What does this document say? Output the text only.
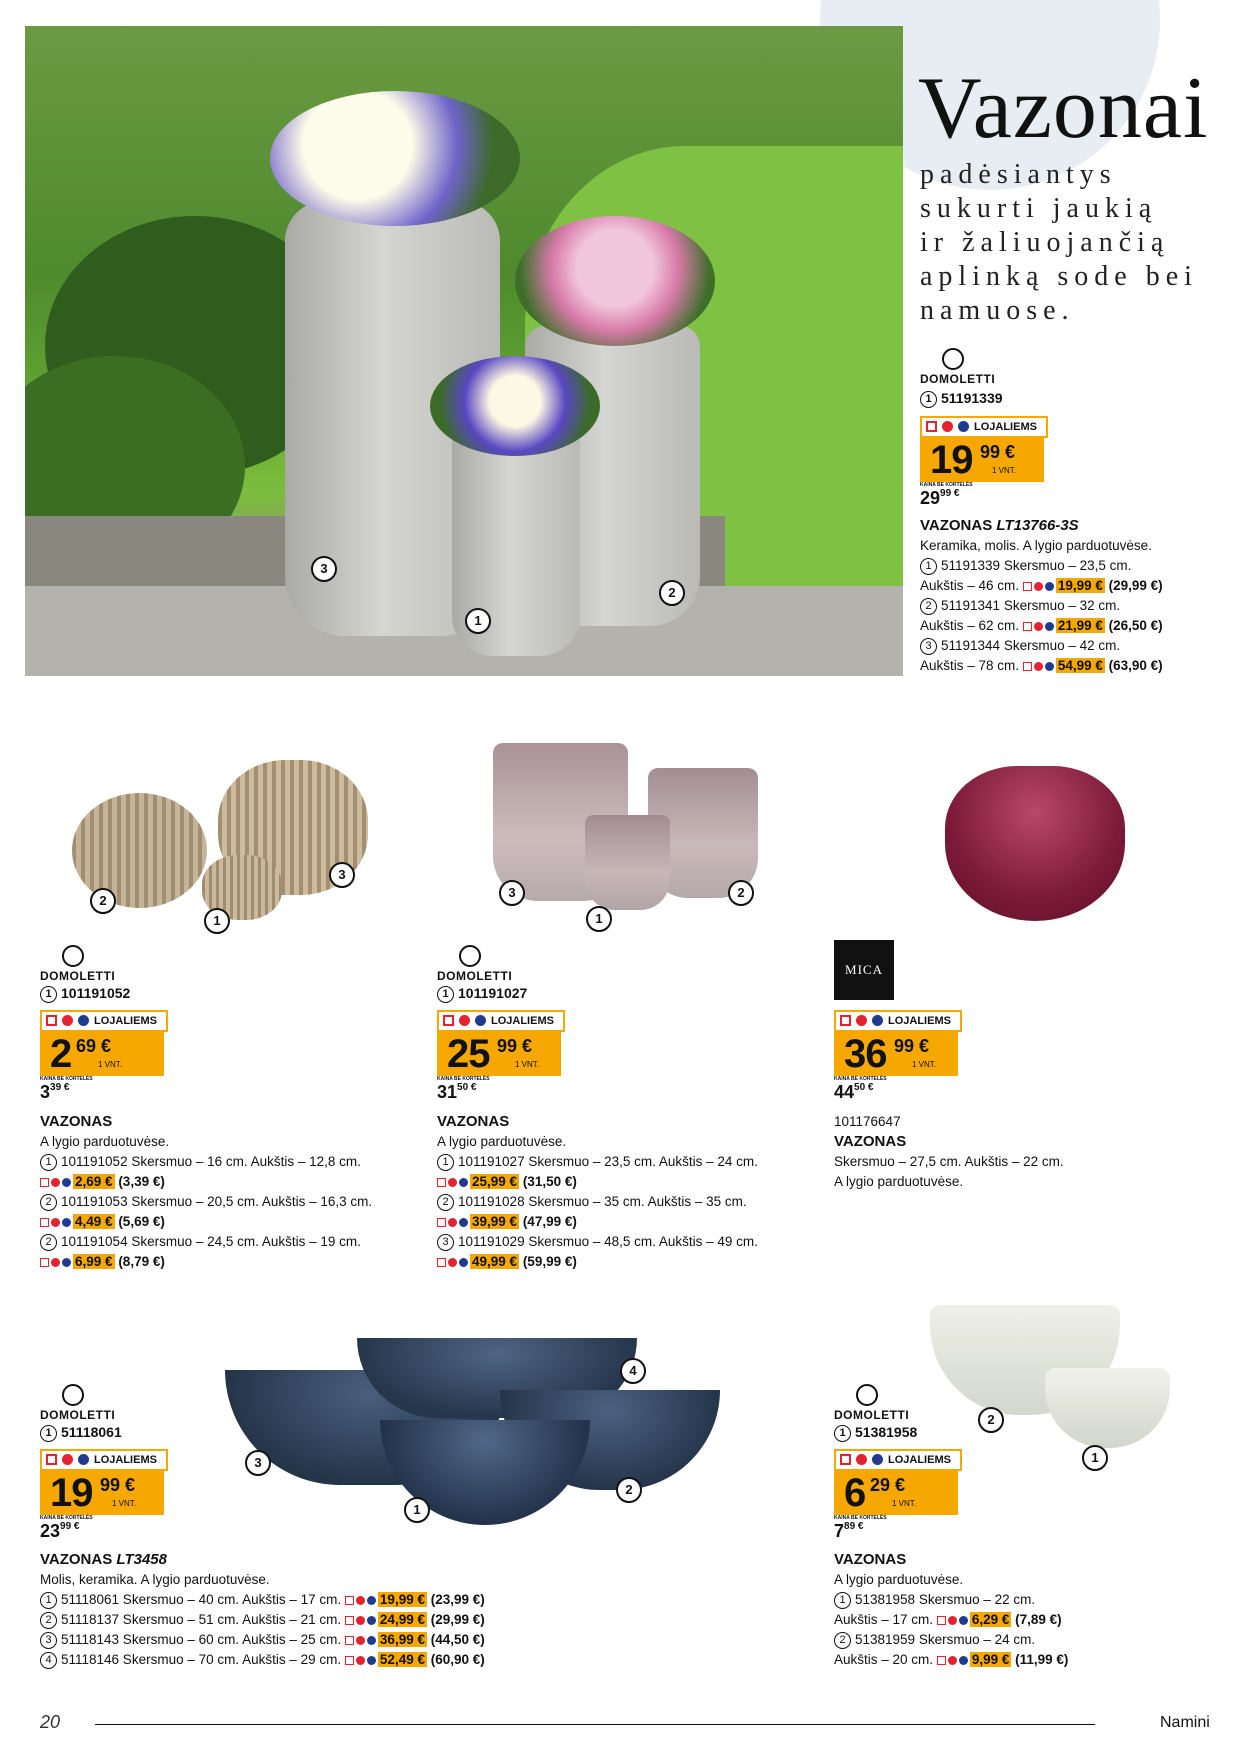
3
1
2
Vazonai
padėsiantys
sukurti jaukią
ir žaliuojančią
aplinką sode bei
namuose.
DOMOLETTI
1 51191339
LOJALIEMS
19 99 €
1 VNT.
KAINA BE KORTELĖS
$29^{99 €}$
VAZONAS LT13766-3S
Keramika, molis. A lygio parduotuvėse.
1 51191339 Skersmuo – 23,5 cm.
Aukštis – 46 cm.	19,99 € (29,99 €)
2 51191341 Skersmuo – 32 cm.
Aukštis – 62 cm.	21,99 € (26,50 €)
3 51191344 Skersmuo – 42 cm.
Aukštis – 78 cm.	54,99 € (63,90 €)
2
1
3
3
1
2
DOMOLETTI
1 101191052
LOJALIEMS
2 69 €
1 VNT.
KAINA BE KORTELĖS
$3^{39 €}$
VAZONAS
A lygio parduotuvėse.
1 101191052 Skersmuo – 16 cm. Aukštis – 12,8 cm.
2,69 € (3,39 €)
2 101191053 Skersmuo – 20,5 cm. Aukštis – 16,3 cm.
4,49 € (5,69 €)
2 101191054 Skersmuo – 24,5 cm. Aukštis – 19 cm.
6,99 € (8,79 €)
DOMOLETTI
1 101191027
LOJALIEMS
25 99 €
1 VNT.
KAINA BE KORTELĖS
$31^{50 €}$
VAZONAS
A lygio parduotuvėse.
1 101191027 Skersmuo – 23,5 cm. Aukštis – 24 cm.
25,99 € (31,50 €)
2 101191028 Skersmuo – 35 cm. Aukštis – 35 cm.
39,99 € (47,99 €)
3 101191029 Skersmuo – 48,5 cm. Aukštis – 49 cm.
49,99 € (59,99 €)
MICA
LOJALIEMS
36 99 €
1 VNT.
KAINA BE KORTELĖS
$44^{50 €}$
101176647
VAZONAS
Skersmuo – 27,5 cm. Aukštis – 22 cm.
A lygio parduotuvėse.
3
1
2
4
2
1
DOMOLETTI
1 51118061
LOJALIEMS
19 99 €
1 VNT.
KAINA BE KORTELĖS
$23^{99 €}$
VAZONAS LT3458
Molis, keramika. A lygio parduotuvėse.
1 51118061 Skersmuo – 40 cm. Aukštis – 17 cm.	19,99 € (23,99 €)
2 51118137 Skersmuo – 51 cm. Aukštis – 21 cm.	24,99 € (29,99 €)
3 51118143 Skersmuo – 60 cm. Aukštis – 25 cm.	36,99 € (44,50 €)
4 51118146 Skersmuo – 70 cm. Aukštis – 29 cm.	52,49 € (60,90 €)
DOMOLETTI
1 51381958
LOJALIEMS
6 29 €
1 VNT.
KAINA BE KORTELĖS
$7^{89 €}$
VAZONAS
A lygio parduotuvėse.
1 51381958 Skersmuo – 22 cm.
Aukštis – 17 cm.	6,29 € (7,89 €)
2 51381959 Skersmuo – 24 cm.
Aukštis – 20 cm.	9,99 € (11,99 €)
20	Namini
